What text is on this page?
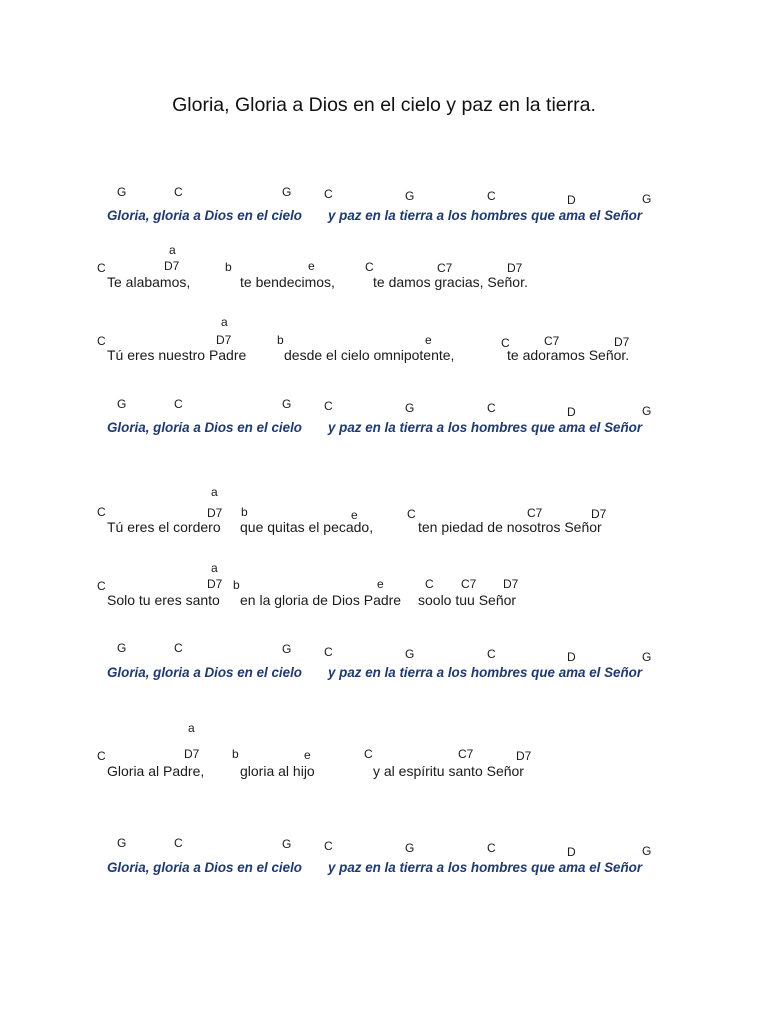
Gloria, Gloria a Dios en el cielo y paz en la tierra.
G	C	G	C	G	C	D	G
Gloria, gloria a Dios en el cielo y paz en la tierra a los hombres que ama el Señor
a
C	D7	b	e	C	C7	D7
Te alabamos,	te bendecimos,	te damos gracias, Señor.
a
C	D7	b	e	C	C7	D7
Tú eres nuestro Padre	desde el cielo omnipotente,	te adoramos Señor.
G	C	G	C	G	C	D	G
Gloria, gloria a Dios en el cielo y paz en la tierra a los hombres que ama el Señor
a
C	D7 b	e	C	C7	D7
Tú eres el cordero que quitas el pecado,	ten piedad de nosotros Señor
a
C	D7 b	e	C C7 D7
Solo tu eres santo en la gloria de Dios Padre soolo tuu Señor
G	C	G	C	G	C	D	G
Gloria, gloria a Dios en el cielo y paz en la tierra a los hombres que ama el Señor
a
C	D7	b	e	C	C7	D7
Gloria al Padre,	gloria al hijo	y al espíritu santo Señor
G	C	G	C	G	C	D	G
Gloria, gloria a Dios en el cielo y paz en la tierra a los hombres que ama el Señor
